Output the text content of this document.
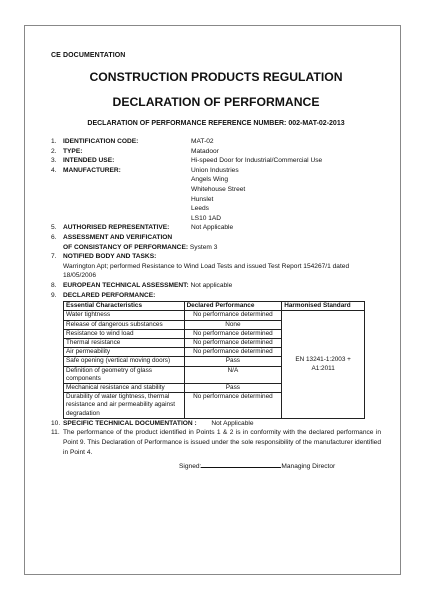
CE DOCUMENTATION
CONSTRUCTION PRODUCTS REGULATION
DECLARATION OF PERFORMANCE
DECLARATION OF PERFORMANCE REFERENCE NUMBER: 002-MAT-02-2013
1. IDENTIFICATION CODE:	MAT-02
2. TYPE:	Matadoor
3. INTENDED USE:	Hi-speed Door for Industrial/Commercial Use
4. MANUFACTURER:	Union Industries
Angels Wing
Whitehouse Street
Hunslet
Leeds
LS10 1AD
5. AUTHORISED REPRESENTATIVE:	Not Applicable
6. ASSESSMENT AND VERIFICATION
OF CONSISTANCY OF PERFORMANCE: System 3
7. NOTIFIED BODY AND TASKS:
Warrington Apt; performed Resistance to Wind Load Tests and issued Test Report 154267/1 dated 18/05/2006
8. EUROPEAN TECHNICAL ASSESSMENT: Not applicable
9. DECLARED PERFORMANCE:
Essential Characteristics	Declared Performance	Harmonised Standard
Water tightness	No performance determined	EN 13241-1:2003 + A1:2011
Release of dangerous substances	None	
Resistance to wind load	No performance determined	
Thermal resistance	No performance determined	
Air permeability	No performance determined	
Safe opening (vertical moving doors)	Pass	
Definition of geometry of glass components	N/A	
Mechanical resistance and stability	Pass	
Durability of water tightness, thermal resistance and air permeability against degradation	No performance determined	
10. SPECIFIC TECHNICAL DOCUMENTATION : Not Applicable
11. The performance of the product identified in Points 1 & 2 is in conformity with the declared performance in Point 9. This Declaration of Performance is issued under the sole responsibility of the manufacturer identified in Point 4.
Signed:	Managing Director
